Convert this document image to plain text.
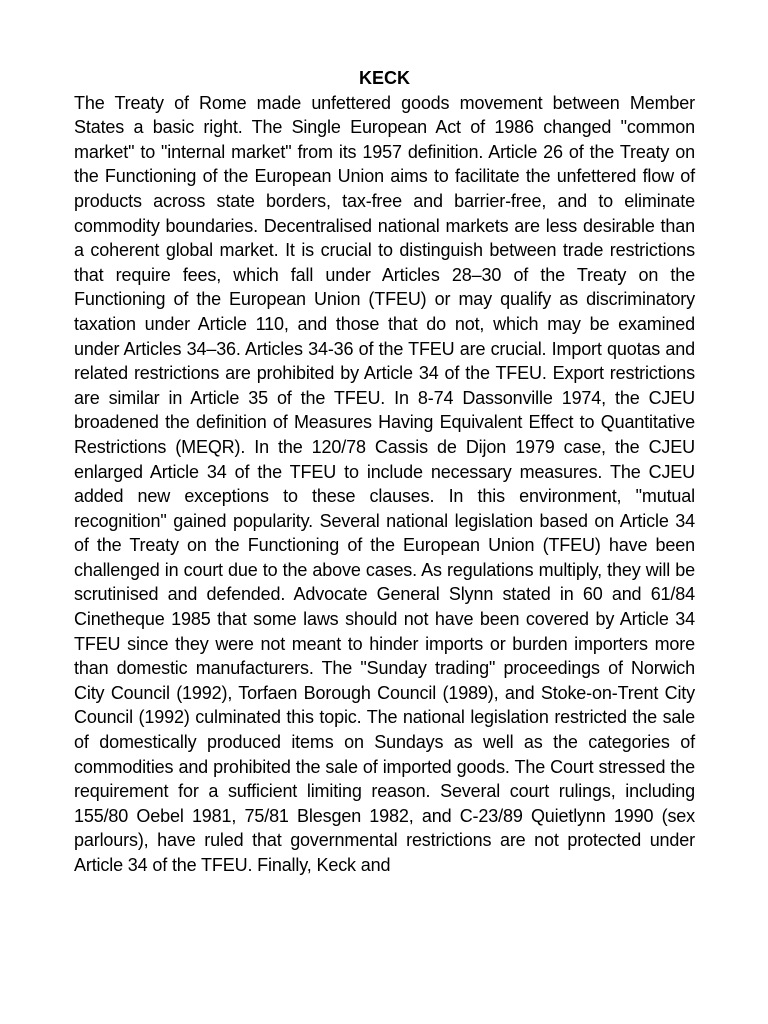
KECK

The Treaty of Rome made unfettered goods movement between Member States a basic right. The Single European Act of 1986 changed "common market" to "internal market" from its 1957 definition. Article 26 of the Treaty on the Functioning of the European Union aims to facilitate the unfettered flow of products across state borders, tax-free and barrier-free, and to eliminate commodity boundaries. Decentralised national markets are less desirable than a coherent global market. It is crucial to distinguish between trade restrictions that require fees, which fall under Articles 28–30 of the Treaty on the Functioning of the European Union (TFEU) or may qualify as discriminatory taxation under Article 110, and those that do not, which may be examined under Articles 34–36. Articles 34-36 of the TFEU are crucial. Import quotas and related restrictions are prohibited by Article 34 of the TFEU. Export restrictions are similar in Article 35 of the TFEU. In 8-74 Dassonville 1974, the CJEU broadened the definition of Measures Having Equivalent Effect to Quantitative Restrictions (MEQR). In the 120/78 Cassis de Dijon 1979 case, the CJEU enlarged Article 34 of the TFEU to include necessary measures. The CJEU added new exceptions to these clauses. In this environment, "mutual recognition" gained popularity. Several national legislation based on Article 34 of the Treaty on the Functioning of the European Union (TFEU) have been challenged in court due to the above cases. As regulations multiply, they will be scrutinised and defended. Advocate General Slynn stated in 60 and 61/84 Cinetheque 1985 that some laws should not have been covered by Article 34 TFEU since they were not meant to hinder imports or burden importers more than domestic manufacturers. The "Sunday trading" proceedings of Norwich City Council (1992), Torfaen Borough Council (1989), and Stoke-on-Trent City Council (1992) culminated this topic. The national legislation restricted the sale of domestically produced items on Sundays as well as the categories of commodities and prohibited the sale of imported goods. The Court stressed the requirement for a sufficient limiting reason. Several court rulings, including 155/80 Oebel 1981, 75/81 Blesgen 1982, and C-23/89 Quietlynn 1990 (sex parlours), have ruled that governmental restrictions are not protected under Article 34 of the TFEU. Finally, Keck and
